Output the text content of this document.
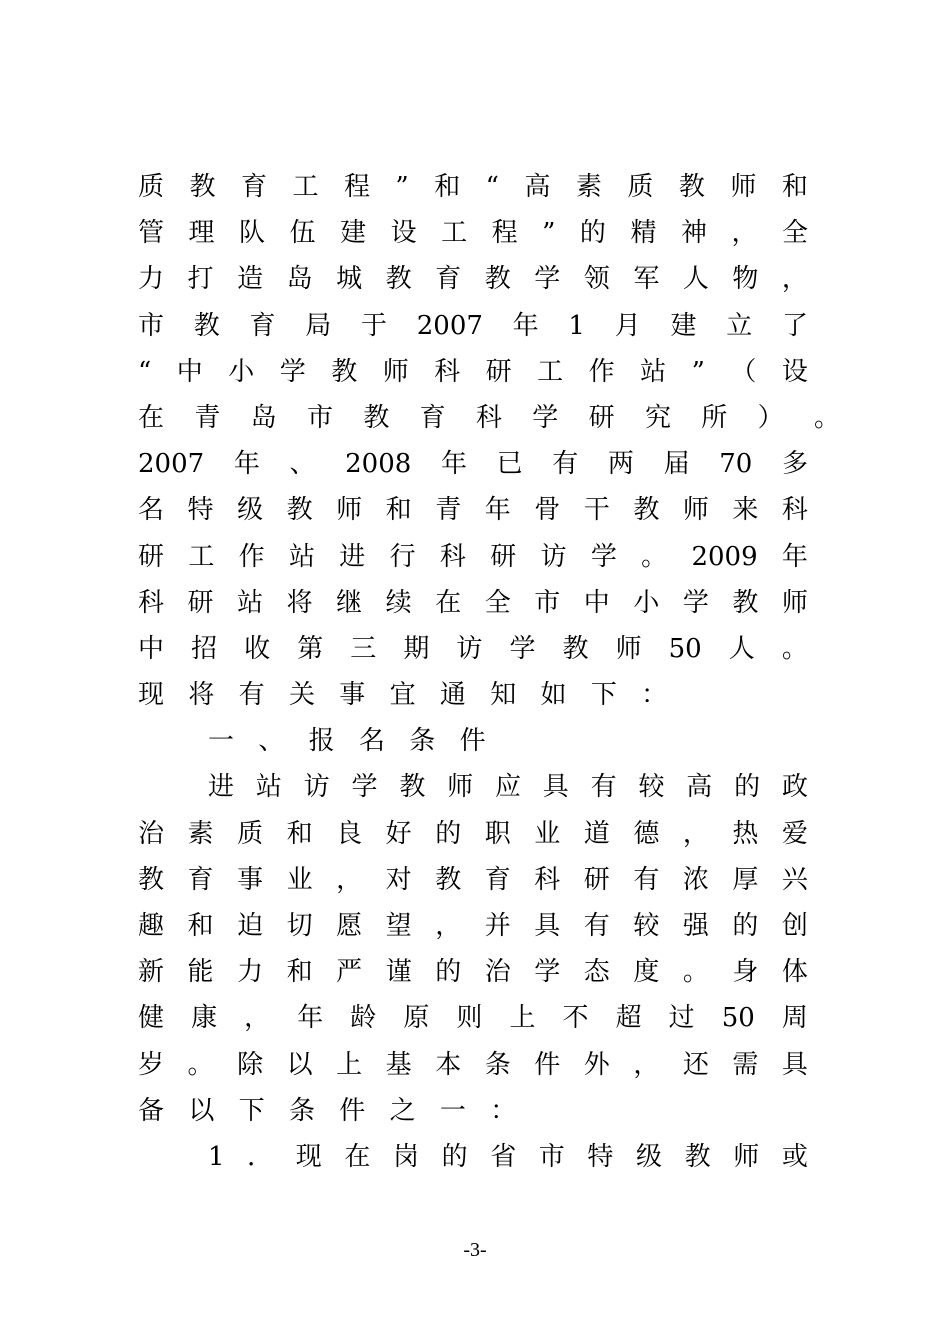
质 教 育 工 程 ” 和 “ 高 素 质 教 师 和
管 理 队 伍 建 设 工 程 ” 的 精 神 ， 全
力 打 造 岛 城 教 育 教 学 领 军 人 物 ，
市 教 育 局 于 2007 年 1 月 建 立 了
“ 中 小 学 教 师 科 研 工 作 站 ” （ 设
在 青 岛 市 教 育 科 学 研 究 所 ） 。
2007 年 、 2008 年 已 有 两 届 70 多
名 特 级 教 师 和 青 年 骨 干 教 师 来 科
研 工 作 站 进 行 科 研 访 学 。 2009 年
科 研 站 将 继 续 在 全 市 中 小 学 教 师
中 招 收 第 三 期 访 学 教 师 50 人 。
现 将 有 关 事 宜 通 知 如 下 ：
一 、 报 名 条 件
进 站 访 学 教 师 应 具 有 较 高 的 政
治 素 质 和 良 好 的 职 业 道 德 ， 热 爱
教 育 事 业 ， 对 教 育 科 研 有 浓 厚 兴
趣 和 迫 切 愿 望 ， 并 具 有 较 强 的 创
新 能 力 和 严 谨 的 治 学 态 度 。 身 体
健 康 ， 年 龄 原 则 上 不 超 过 50 周
岁 。 除 以 上 基 本 条 件 外 ， 还 需 具
备 以 下 条 件 之 一 ：
1 ． 现 在 岗 的 省 市 特 级 教 师 或
-3-
